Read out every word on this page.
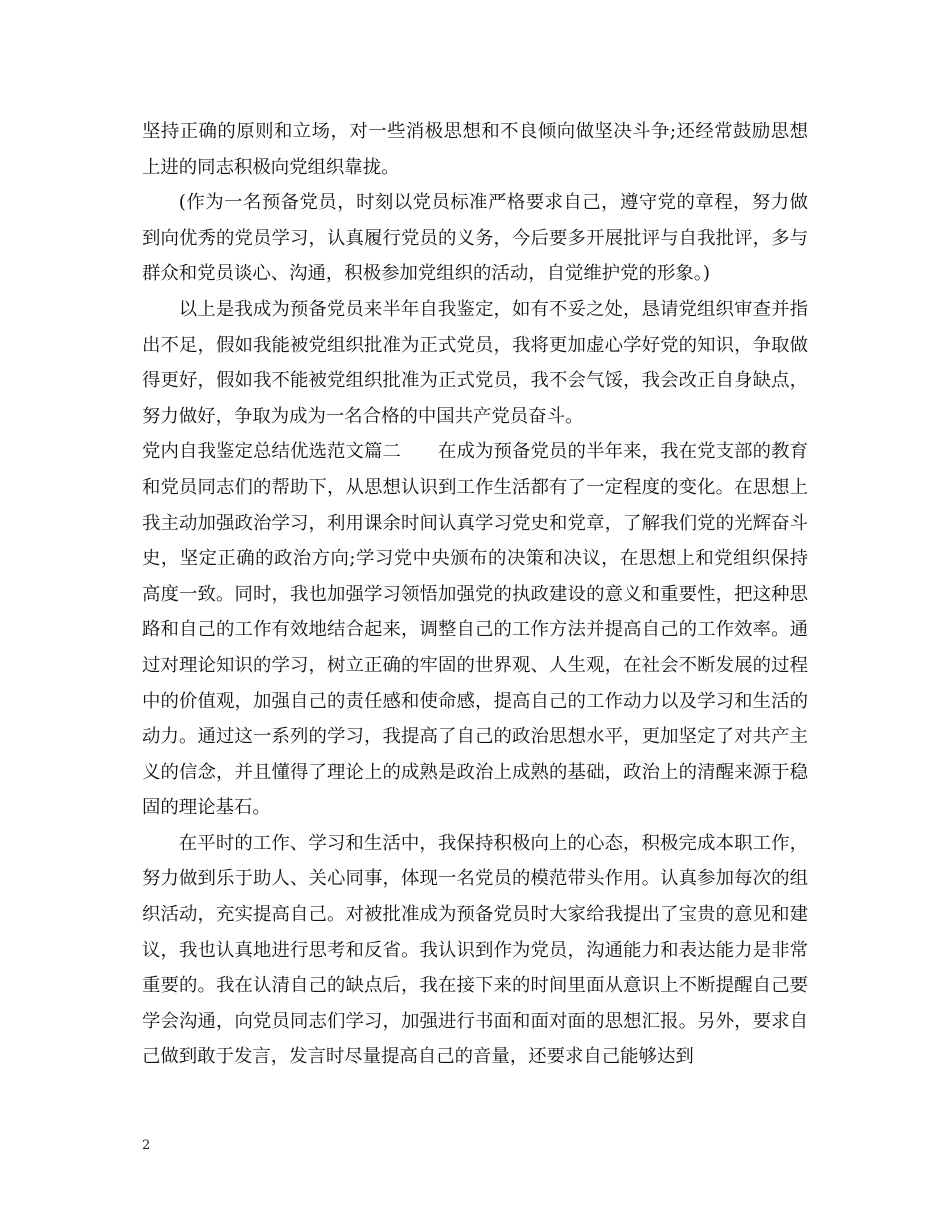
坚持正确的原则和立场，对一些消极思想和不良倾向做坚决斗争;还经常鼓励思想上进的同志积极向党组织靠拢。

(作为一名预备党员，时刻以党员标准严格要求自己，遵守党的章程，努力做到向优秀的党员学习，认真履行党员的义务，今后要多开展批评与自我批评，多与群众和党员谈心、沟通，积极参加党组织的活动，自觉维护党的形象。)

以上是我成为预备党员来半年自我鉴定，如有不妥之处，恳请党组织审查并指出不足，假如我能被党组织批准为正式党员，我将更加虚心学好党的知识，争取做得更好，假如我不能被党组织批准为正式党员，我不会气馁，我会改正自身缺点，努力做好，争取为成为一名合格的中国共产党员奋斗。

党内自我鉴定总结优选范文篇二　　在成为预备党员的半年来，我在党支部的教育和党员同志们的帮助下，从思想认识到工作生活都有了一定程度的变化。在思想上我主动加强政治学习，利用课余时间认真学习党史和党章，了解我们党的光辉奋斗史，坚定正确的政治方向;学习党中央颁布的决策和决议，在思想上和党组织保持高度一致。同时，我也加强学习领悟加强党的执政建设的意义和重要性，把这种思路和自己的工作有效地结合起来，调整自己的工作方法并提高自己的工作效率。通过对理论知识的学习，树立正确的牢固的世界观、人生观，在社会不断发展的过程中的价值观，加强自己的责任感和使命感，提高自己的工作动力以及学习和生活的动力。通过这一系列的学习，我提高了自己的政治思想水平，更加坚定了对共产主义的信念，并且懂得了理论上的成熟是政治上成熟的基础，政治上的清醒来源于稳固的理论基石。

在平时的工作、学习和生活中，我保持积极向上的心态，积极完成本职工作，努力做到乐于助人、关心同事，体现一名党员的模范带头作用。认真参加每次的组织活动，充实提高自己。对被批准成为预备党员时大家给我提出了宝贵的意见和建议，我也认真地进行思考和反省。我认识到作为党员，沟通能力和表达能力是非常重要的。我在认清自己的缺点后，我在接下来的时间里面从意识上不断提醒自己要学会沟通，向党员同志们学习，加强进行书面和面对面的思想汇报。另外，要求自己做到敢于发言，发言时尽量提高自己的音量，还要求自己能够达到

2
